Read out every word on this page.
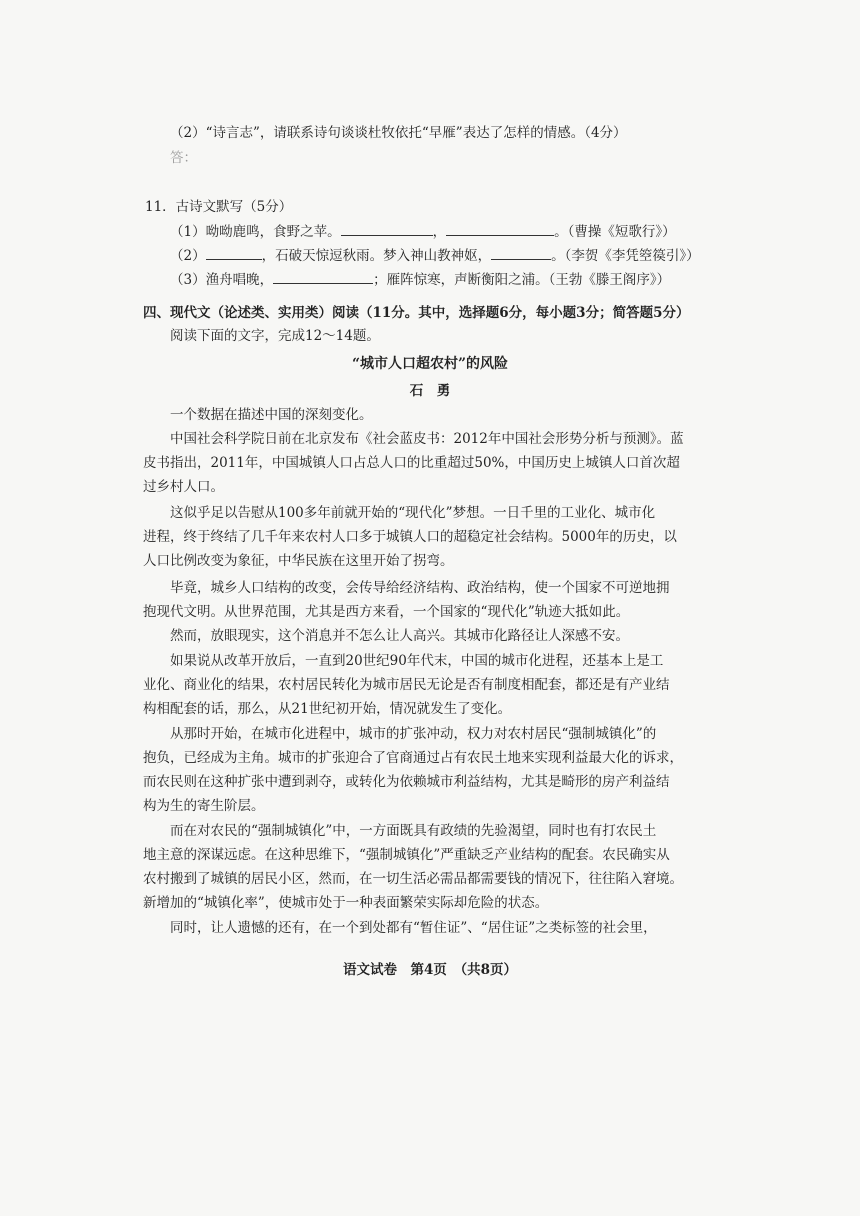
（2）“诗言志”，请联系诗句谈谈杜牧依托“早雁”表达了怎样的情感。（4分）
答：
11．古诗文默写（5分）
（1）呦呦鹿鸣，食野之苹。	，	。（曹操《短歌行》）
（2）	，石破天惊逗秋雨。梦入神山教神妪，	。（李贺《李凭箜篌引》）
（3）渔舟唱晚，	；雁阵惊寒，声断衡阳之浦。（王勃《滕王阁序》）
四、现代文（论述类、实用类）阅读（11分。其中，选择题6分，每小题3分；简答题5分）
阅读下面的文字，完成12～14题。
“城市人口超农村”的风险
石　勇
一个数据在描述中国的深刻变化。
中国社会科学院日前在北京发布《社会蓝皮书：2012年中国社会形势分析与预测》。蓝
皮书指出，2011年，中国城镇人口占总人口的比重超过50%，中国历史上城镇人口首次超
过乡村人口。
这似乎足以告慰从100多年前就开始的“现代化”梦想。一日千里的工业化、城市化
进程，终于终结了几千年来农村人口多于城镇人口的超稳定社会结构。5000年的历史，以
人口比例改变为象征，中华民族在这里开始了拐弯。
毕竟，城乡人口结构的改变，会传导给经济结构、政治结构，使一个国家不可逆地拥
抱现代文明。从世界范围，尤其是西方来看，一个国家的“现代化”轨迹大抵如此。
然而，放眼现实，这个消息并不怎么让人高兴。其城市化路径让人深感不安。
如果说从改革开放后，一直到20世纪90年代末，中国的城市化进程，还基本上是工
业化、商业化的结果，农村居民转化为城市居民无论是否有制度相配套，都还是有产业结
构相配套的话，那么，从21世纪初开始，情况就发生了变化。
从那时开始，在城市化进程中，城市的扩张冲动，权力对农村居民“强制城镇化”的
抱负，已经成为主角。城市的扩张迎合了官商通过占有农民土地来实现利益最大化的诉求，
而农民则在这种扩张中遭到剥夺，或转化为依赖城市利益结构，尤其是畸形的房产利益结
构为生的寄生阶层。
而在对农民的“强制城镇化”中，一方面既具有政绩的先验渴望，同时也有打农民土
地主意的深谋远虑。在这种思维下，“强制城镇化”严重缺乏产业结构的配套。农民确实从
农村搬到了城镇的居民小区，然而，在一切生活必需品都需要钱的情况下，往往陷入窘境。
新增加的“城镇化率”，使城市处于一种表面繁荣实际却危险的状态。
同时，让人遗憾的还有，在一个到处都有“暂住证”、“居住证”之类标签的社会里，
语文试卷　第4页　（共8页）
